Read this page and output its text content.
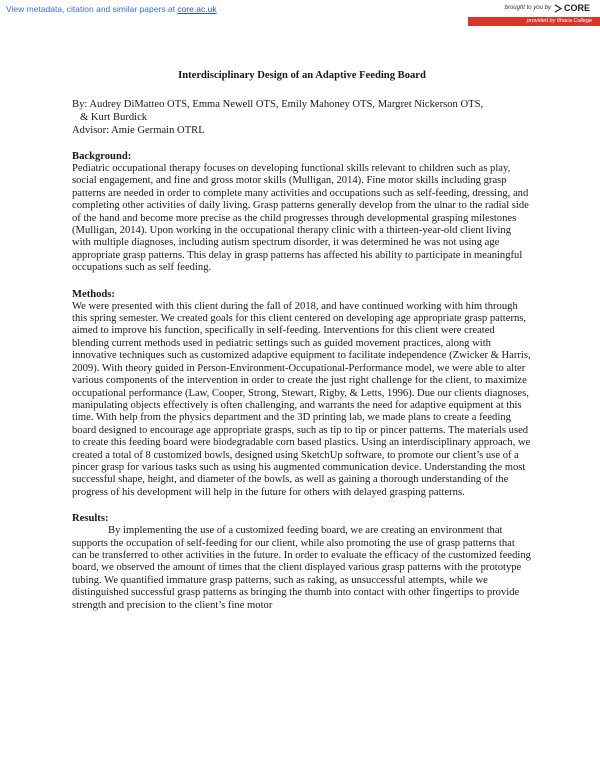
View metadata, citation and similar papers at core.ac.uk	brought to you by CORE
provided by Ithaca College
Interdisciplinary Design of an Adaptive Feeding Board
By: Audrey DiMatteo OTS, Emma Newell OTS, Emily Mahoney OTS, Margret Nickerson OTS,
& Kurt Burdick
Advisor: Amie Germain OTRL
Background:

Pediatric occupational therapy focuses on developing functional skills relevant to children such as play, social engagement, and fine and gross motor skills (Mulligan, 2014). Fine motor skills including grasp patterns are needed in order to complete many activities and occupations such as self-feeding, dressing, and completing other activities of daily living. Grasp patterns generally develop from the ulnar to the radial side of the hand and become more precise as the child progresses through developmental grasping milestones (Mulligan, 2014). Upon working in the occupational therapy clinic with a thirteen-year-old client living with multiple diagnoses, including autism spectrum disorder, it was determined he was not using age appropriate grasp patterns. This delay in grasp patterns has affected his ability to participate in meaningful occupations such as self feeding.

Methods:

We were presented with this client during the fall of 2018, and have continued working with him through this spring semester. We created goals for this client centered on developing age appropriate grasp patterns, aimed to improve his function, specifically in self-feeding. Interventions for this client were created blending current methods used in pediatric settings such as guided movement practices, along with innovative techniques such as customized adaptive equipment to facilitate independence (Zwicker & Harris, 2009). With theory guided in Person-Environment-Occupational-Performance model, we were able to alter various components of the intervention in order to create the just right challenge for the client, to maximize occupational performance (Law, Cooper, Strong, Stewart, Rigby, & Letts, 1996). Due our clients diagnoses, manipulating objects effectively is often challenging, and warrants the need for adaptive equipment at this time. With help from the physics department and the 3D printing lab, we made plans to create a feeding board designed to encourage age appropriate grasps, such as tip to tip or pincer patterns. The materials used to create this feeding board were biodegradable corn based plastics. Using an interdisciplinary approach, we created a total of 8 customized bowls, designed using SketchUp software, to promote our client’s use of a pincer grasp for various tasks such as using his augmented communication device. Understanding the most successful shape, height, and diameter of the bowls, as well as gaining a thorough understanding of the progress of his development will help in the future for others with delayed grasping patterns.

Results:

By implementing the use of a customized feeding board, we are creating an environment that supports the occupation of self-feeding for our client, while also promoting the use of grasp patterns that can be transferred to other activities in the future. In order to evaluate the efficacy of the customized feeding board, we observed the amount of times that the client displayed various grasp patterns with the prototype tubing. We quantified immature grasp patterns, such as raking, as unsuccessful attempts, while we distinguished successful grasp patterns as bringing the thumb into contact with other fingertips to provide strength and precision to the client’s fine motor
